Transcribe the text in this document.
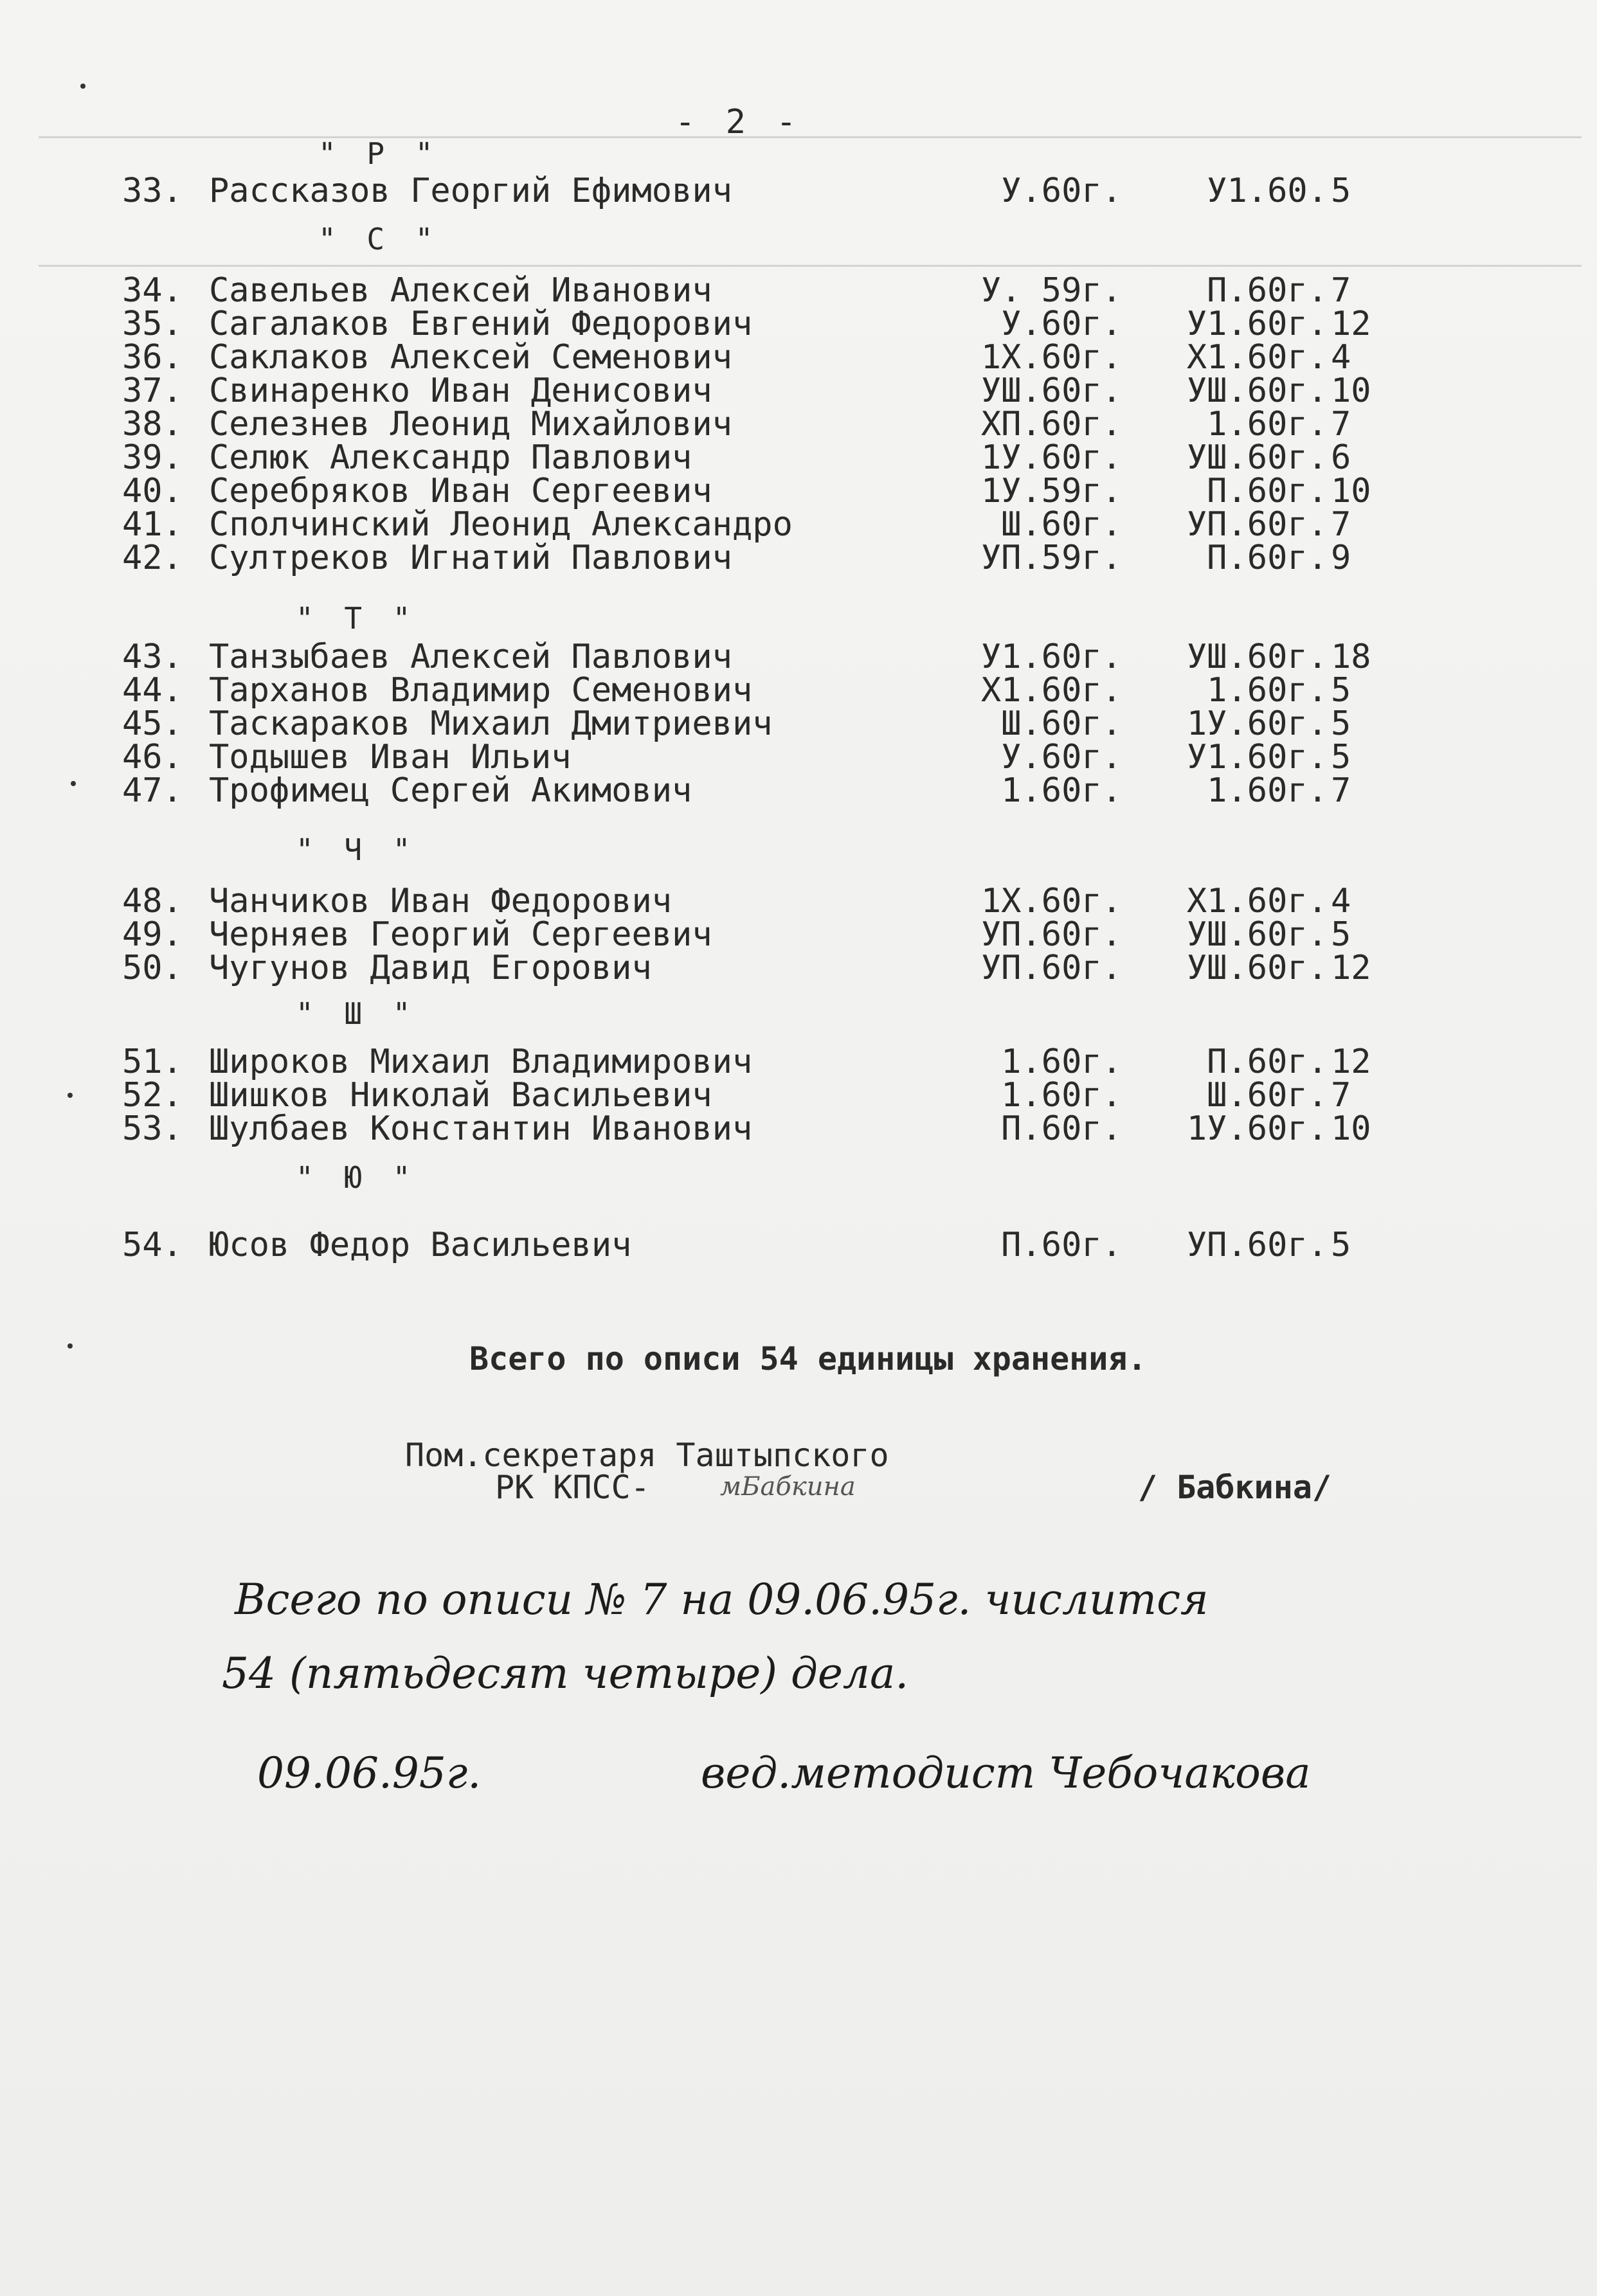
- 2 -
" Р "
33. Рассказов Георгий Ефимович	У.60г.	У1.60. 5
" С "
34. Савельев Алексей Иванович	У. 59г.	П.60г. 7
35. Сагалаков Евгений Федорович	У.60г.	У1.60г. 12
36. Саклаков Алексей Семенович	1Х.60г.	Х1.60г. 4
37. Свинаренко Иван Денисович	УШ.60г.	УШ.60г. 10
38. Селезнев Леонид Михайлович	ХП.60г.	1.60г. 7
39. Селюк Александр Павлович	1У.60г.	УШ.60г. 6
40. Серебряков Иван Сергеевич	1У.59г.	П.60г. 10
41. Сполчинский Леонид Александро	Ш.60г.	УП.60г. 7
42. Султреков Игнатий Павлович	УП.59г.	П.60г. 9
" Т "
43. Танзыбаев Алексей Павлович	У1.60г.	УШ.60г. 18
44. Тарханов Владимир Семенович	Х1.60г.	1.60г. 5
45. Таскараков Михаил Дмитриевич	Ш.60г.	1У.60г. 5
46. Тодышев Иван Ильич	У.60г.	У1.60г. 5
47. Трофимец Сергей Акимович	1.60г.	1.60г. 7
" Ч "
48. Чанчиков Иван Федорович	1Х.60г.	Х1.60г. 4
49. Черняев Георгий Сергеевич	УП.60г.	УШ.60г. 5
50. Чугунов Давид Егорович	УП.60г.	УШ.60г. 12
" Ш "
51. Широков Михаил Владимирович	1.60г.	П.60г. 12
52. Шишков Николай Васильевич	1.60г.	Ш.60г. 7
53. Шулбаев Константин Иванович	П.60г.	1У.60г. 10
" Ю "
54. Юсов Федор Васильевич	П.60г.	УП.60г. 5
Всего по описи 54 единицы хранения.
Пом.секретаря Таштыпского
РК КПСС-	мБабкина	/ Бабкина/
Всего по описи № 7 на 09.06.95г. числится
54 (пятьдесят четыре) дела.
09.06.95г.	вед.методист Чебочакова
